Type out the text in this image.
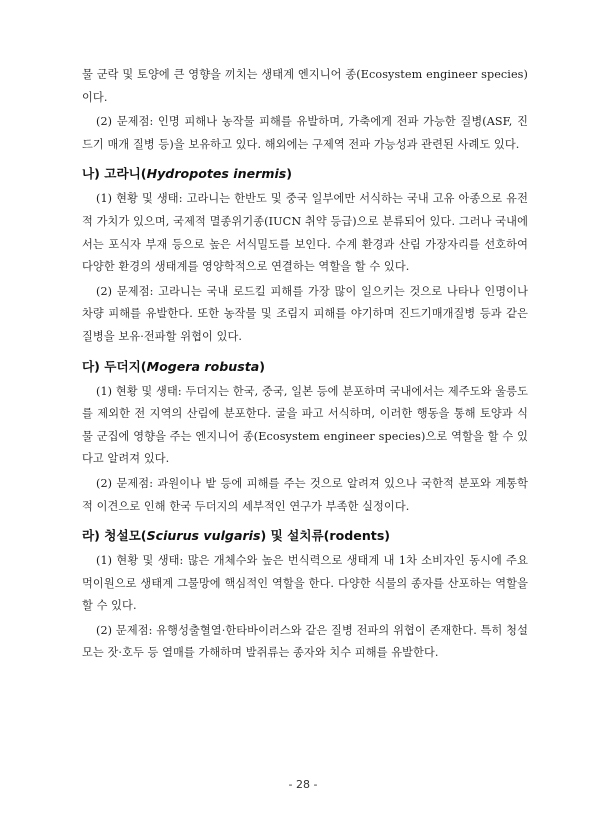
물 군락 및 토양에 큰 영향을 끼치는 생태계 엔지니어 종(Ecosystem engineer species)이다.

(2) 문제점: 인명 피해나 농작물 피해를 유발하며, 가축에게 전파 가능한 질병(ASF, 진드기 매개 질병 등)을 보유하고 있다. 해외에는 구제역 전파 가능성과 관련된 사례도 있다.

나) 고라니(Hydropotes inermis)

(1) 현황 및 생태: 고라니는 한반도 및 중국 일부에만 서식하는 국내 고유 아종으로 유전적 가치가 있으며, 국제적 멸종위기종(IUCN 취약 등급)으로 분류되어 있다. 그러나 국내에서는 포식자 부재 등으로 높은 서식밀도를 보인다. 수계 환경과 산림 가장자리를 선호하여 다양한 환경의 생태계를 영양학적으로 연결하는 역할을 할 수 있다.

(2) 문제점: 고라니는 국내 로드킬 피해를 가장 많이 일으키는 것으로 나타나 인명이나 차량 피해를 유발한다. 또한 농작물 및 조림지 피해를 야기하며 진드기매개질병 등과 같은 질병을 보유·전파할 위협이 있다.

다) 두더지(Mogera robusta)

(1) 현황 및 생태: 두더지는 한국, 중국, 일본 등에 분포하며 국내에서는 제주도와 울릉도를 제외한 전 지역의 산림에 분포한다. 굴을 파고 서식하며, 이러한 행동을 통해 토양과 식물 군집에 영향을 주는 엔지니어 종(Ecosystem engineer species)으로 역할을 할 수 있다고 알려져 있다.

(2) 문제점: 과원이나 밭 등에 피해를 주는 것으로 알려져 있으나 국한적 분포와 계통학적 이견으로 인해 한국 두더지의 세부적인 연구가 부족한 실정이다.

라) 청설모(Sciurus vulgaris) 및 설치류(rodents)

(1) 현황 및 생태: 많은 개체수와 높은 번식력으로 생태계 내 1차 소비자인 동시에 주요 먹이원으로 생태계 그물망에 핵심적인 역할을 한다. 다양한 식물의 종자를 산포하는 역할을 할 수 있다.

(2) 문제점: 유행성출혈열·한타바이러스와 같은 질병 전파의 위협이 존재한다. 특히 청설모는 잣·호두 등 열매를 가해하며 발쥐류는 종자와 치수 피해를 유발한다.

- 28 -
